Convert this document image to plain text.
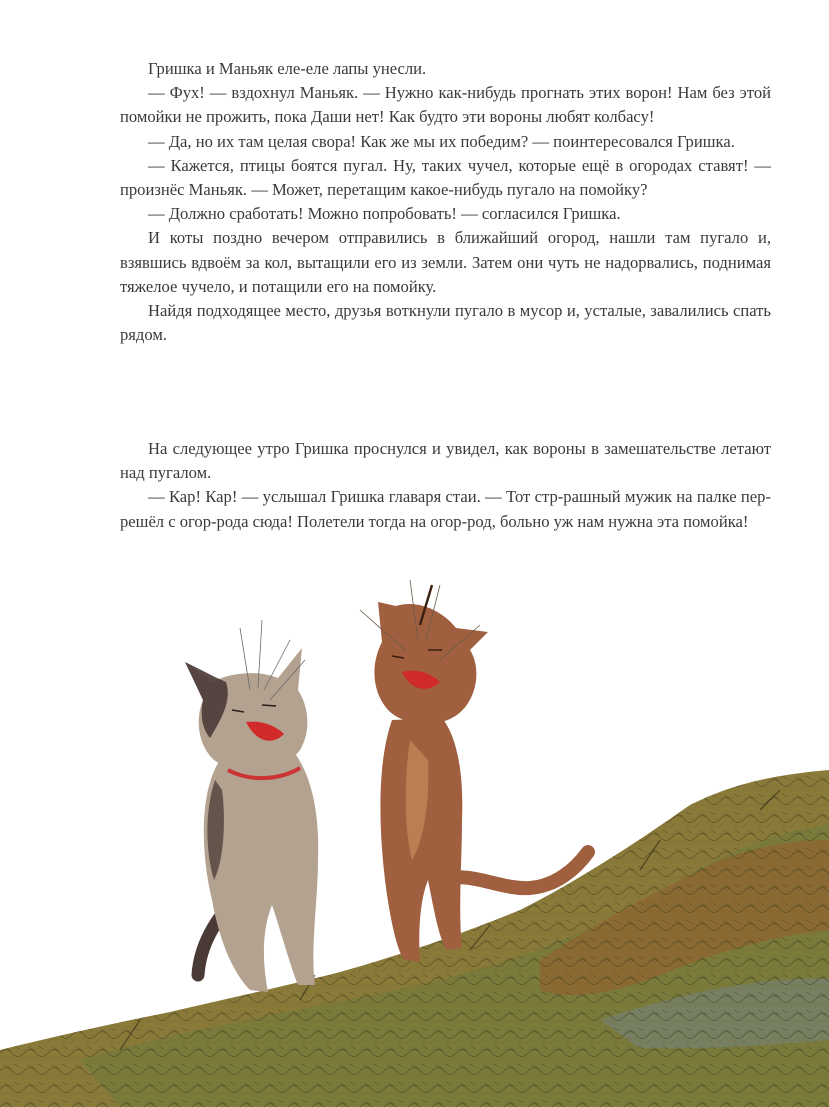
Гришка и Маньяк еле-еле лапы унесли.

— Фух! — вздохнул Маньяк. — Нужно как-нибудь прогнать этих ворон! Нам без этой помойки не прожить, пока Даши нет! Как будто эти вороны любят колбасу!

— Да, но их там целая свора! Как же мы их победим? — поинтересовался Гришка.

— Кажется, птицы боятся пугал. Ну, таких чучел, которые ещё в огородах ставят! — произнёс Маньяк. — Может, перетащим какое-нибудь пугало на помойку?

— Должно сработать! Можно попробовать! — согласился Гришка.

И коты поздно вечером отправились в ближайший огород, нашли там пугало и, взявшись вдвоём за кол, вытащили его из земли. Затем они чуть не надорвались, поднимая тяжелое чучело, и потащили его на помойку.

Найдя подходящее место, друзья воткнули пугало в мусор и, усталые, завалились спать рядом.

На следующее утро Гришка проснулся и увидел, как вороны в замешательстве летают над пугалом.

— Кар! Кар! — услышал Гришка главаря стаи. — Тот стр-рашный мужик на палке пер-решёл с огор-рода сюда! Полетели тогда на огор-род, больно уж нам нужна эта помойка!
